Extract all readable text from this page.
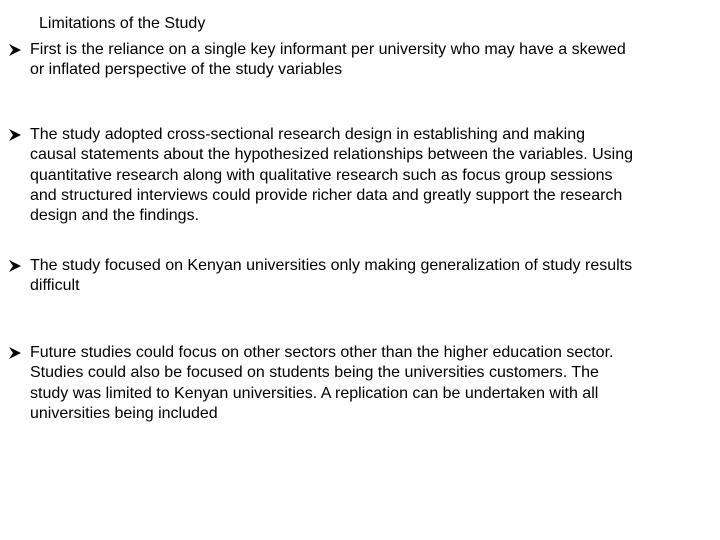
Limitations of the Study
First is the reliance on a single key informant per university who may have a skewed
or inflated perspective of the study variables
The study adopted cross-sectional research design in establishing and making
causal statements about the hypothesized relationships between the variables. Using
quantitative research along with qualitative research such as focus group sessions
and structured interviews could provide richer data and greatly support the research
design and the findings.
The study focused on Kenyan universities only making generalization of study results
difficult
Future studies could focus on other sectors other than the higher education sector.
Studies could also be focused on students being the universities customers. The
study was limited to Kenyan universities. A replication can be undertaken with all
universities being included
